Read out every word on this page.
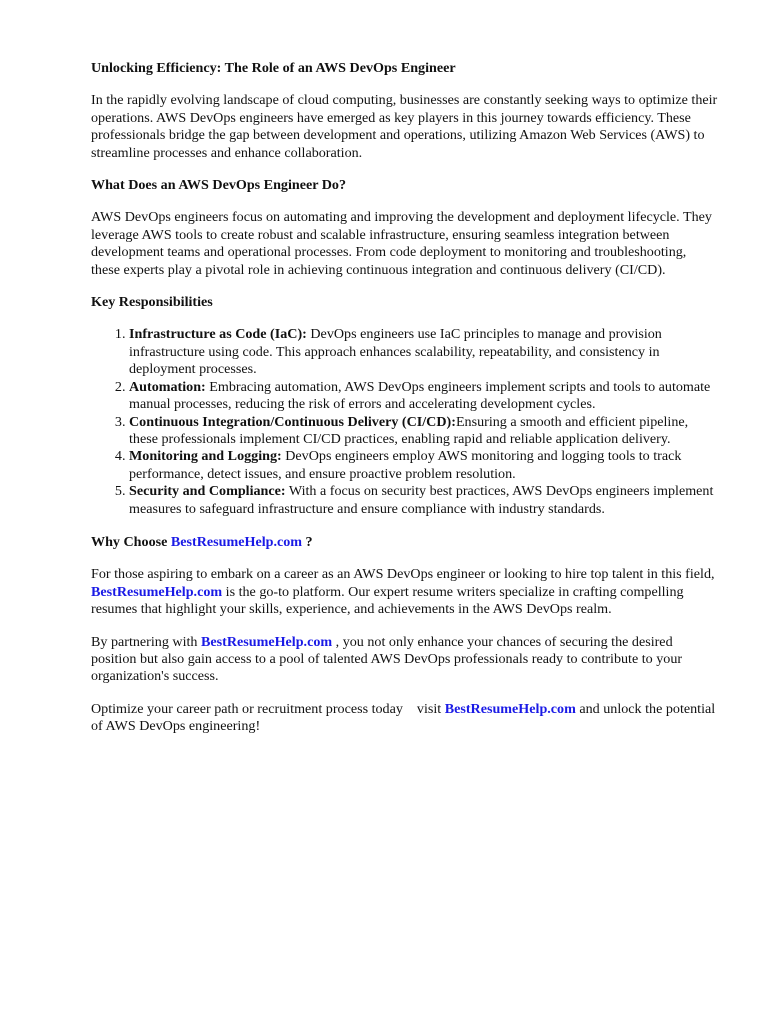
Unlocking Efficiency: The Role of an AWS DevOps Engineer

In the rapidly evolving landscape of cloud computing, businesses are constantly seeking ways to optimize their operations. AWS DevOps engineers have emerged as key players in this journey towards efficiency. These professionals bridge the gap between development and operations, utilizing Amazon Web Services (AWS) to streamline processes and enhance collaboration.

What Does an AWS DevOps Engineer Do?

AWS DevOps engineers focus on automating and improving the development and deployment lifecycle. They leverage AWS tools to create robust and scalable infrastructure, ensuring seamless integration between development teams and operational processes. From code deployment to monitoring and troubleshooting, these experts play a pivotal role in achieving continuous integration and continuous delivery (CI/CD).

Key Responsibilities
1. Infrastructure as Code (IaC): DevOps engineers use IaC principles to manage and provision infrastructure using code. This approach enhances scalability, repeatability, and consistency in deployment processes.
2. Automation: Embracing automation, AWS DevOps engineers implement scripts and tools to automate manual processes, reducing the risk of errors and accelerating development cycles.
3. Continuous Integration/Continuous Delivery (CI/CD):Ensuring a smooth and efficient pipeline, these professionals implement CI/CD practices, enabling rapid and reliable application delivery.
4. Monitoring and Logging: DevOps engineers employ AWS monitoring and logging tools to track performance, detect issues, and ensure proactive problem resolution.
5. Security and Compliance: With a focus on security best practices, AWS DevOps engineers implement measures to safeguard infrastructure and ensure compliance with industry standards.
Why Choose BestResumeHelp.com ?

For those aspiring to embark on a career as an AWS DevOps engineer or looking to hire top talent in this field, BestResumeHelp.com is the go-to platform. Our expert resume writers specialize in crafting compelling resumes that highlight your skills, experience, and achievements in the AWS DevOps realm.

By partnering with BestResumeHelp.com , you not only enhance your chances of securing the desired position but also gain access to a pool of talented AWS DevOps professionals ready to contribute to your organization's success.

Optimize your career path or recruitment process today visit BestResumeHelp.com and unlock the potential of AWS DevOps engineering!
